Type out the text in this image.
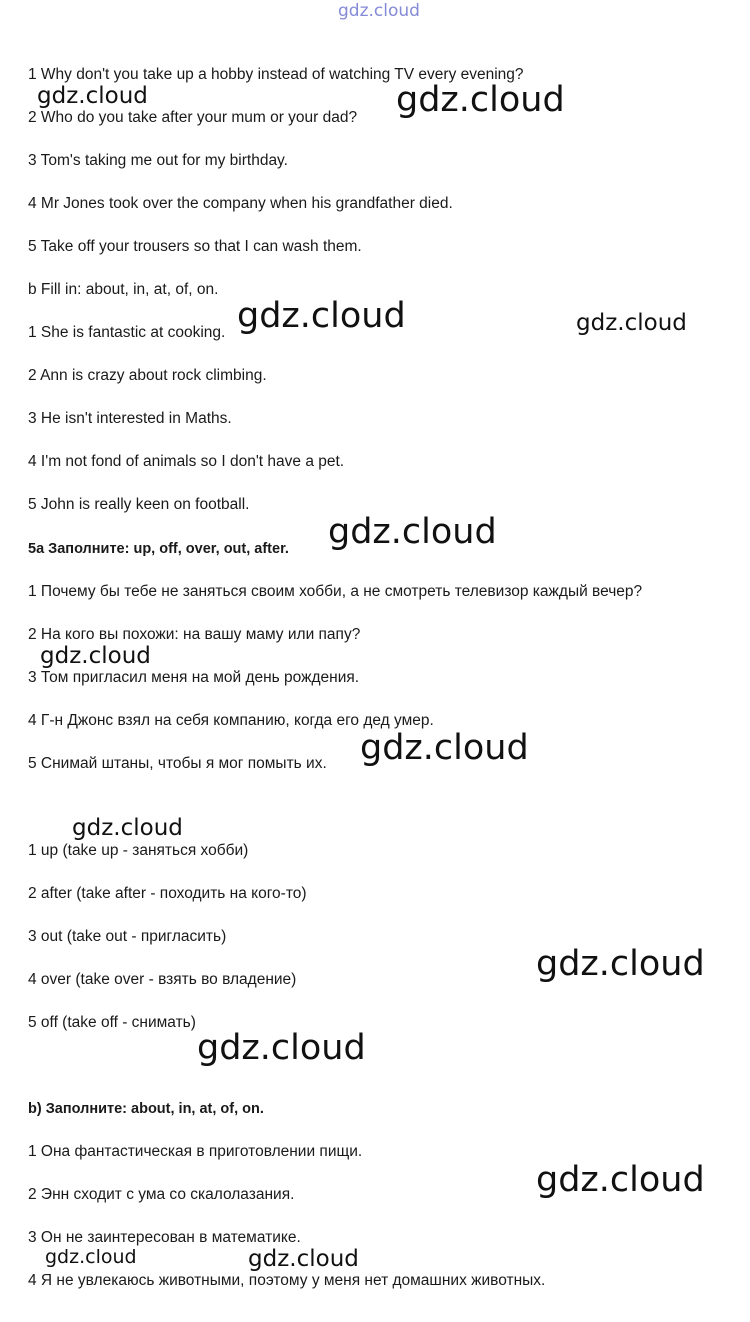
gdz.cloud
1 Why don't you take up a hobby instead of watching TV every evening?
2 Who do you take after your mum or your dad?
3 Tom's taking me out for my birthday.
4 Mr Jones took over the company when his grandfather died.
5 Take off your trousers so that I can wash them.
b Fill in: about, in, at, of, on.
1 She is fantastic at cooking.
2 Ann is crazy about rock climbing.
3 He isn't interested in Maths.
4 I'm not fond of animals so I don't have a pet.
5 John is really keen on football.
5a Заполните: up, off, over, out, after.
1 Почему бы тебе не заняться своим хобби, а не смотреть телевизор каждый вечер?
2 На кого вы похожи: на вашу маму или папу?
3 Том пригласил меня на мой день рождения.
4 Г-н Джонс взял на себя компанию, когда его дед умер.
5 Снимай штаны, чтобы я мог помыть их.
1 up (take up - заняться хобби)
2 after (take after - походить на кого-то)
3 out (take out - пригласить)
4 over (take over - взять во владение)
5 off (take off - снимать)
b) Заполните: about, in, at, of, on.
1 Она фантастическая в приготовлении пищи.
2 Энн сходит с ума со скалолазания.
3 Он не заинтересован в математике.
4 Я не увлекаюсь животными, поэтому у меня нет домашних животных.
gdz.cloud	gdz.cloud
gdz.cloud	gdz.cloud
gdz.cloud
gdz.cloud
gdz.cloud
gdz.cloud
gdz.cloud
gdz.cloud
gdz.cloud
gdz.cloud	gdz.cloud
